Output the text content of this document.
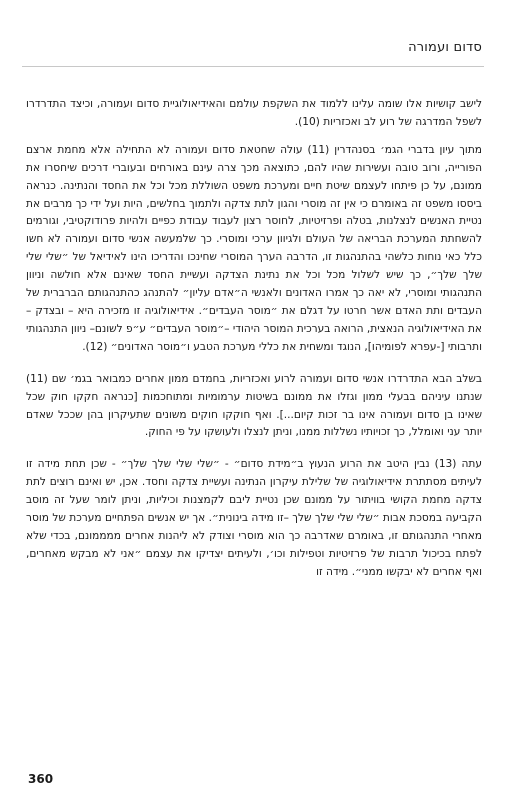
סדום ועמורה

לישב קושיות אלו שומה עלינו ללמוד את השקפת עולמם והאידיאולוגיית סדום ועמורה, וכיצד התדרדרו לשפל המדרגה של רוע לב ואכזריות (10).

מתוך עיון בדברי הגמ׳ בסנהדרין (11) עולה שחטאת סדום ועמורה לא התחילה אלא מחמת ארצם הפורייה, ורוב טובה ועשירות שהיו להם, כתוצאה מכך צרה עינם באורחים ובעוברי דרכים שיחסרו את ממונם, על כן פיתחו לעצמם שיטת חיים ומערכת משפט השוללת מכל וכל את החסד והנתינה. כנראה ביססו משפט זה באומרם כי אין זה מוסרי והגון לתת צדקה ולתמוך בחלשים, היות ועל ידי כך מרבים את נטיית האנשים לנצלנות, בטלה ופרזיטיות, לחוסר רצון לעבוד עבודת כפיים ולהיות פרודוקטיבי, וגורמים להשחתת המערכת הבריאה של העולם ולגיוון ערכי ומוסרי. כך שלמעשה אנשי סדום ועמורה לא חשו כלל כאי נוחות כלשהי בהתנהגות זו, הדרבה הערך המוסרי שחינכו והדריכו הינו לאידיאל של ״שלי שלי שלך שלך״, כך שיש לשלול מכל וכל את נתינת הצדקה ועשיית החסד שאינם אלא חולשה וניוון התנהגותי ומוסרי, לא יאה כך אמרו האדונים ולאנשי ה״אדם עליון״ להתנהג כהתנהגותם הברברית של העבדים ותת האדם אשר חרטו על דגלם את ״מוסר העבדים״. אידיאולוגיה זו מזכירה היא – ובצדק – את האידיאולוגיה הנאצית, הרואה בערכית המוסר היהודי –״מוסר העבדים״ ע״פ לשונם– ניוון התנהגותי ותרבותי [-עפרא לפומיהו], הנוגד ומשחית את כללי מערכת הטבע ו״מוסר האדונים״ (12).

בשלב הבא התדרדרו אנשי סדום ועמורה לרוע ואכזריות, בחמדם ממון אחרים כמבואר בגמ׳ שם (11) שנתנו עיניהם בבעלי ממון וגזלו את ממונם בשיטות ערמומיות ומתוחכמות [כנראה חקקו חוק שכל שאינו בן סדום ועמורה אינו בר זכות קיום...]. ואף חוקקו חוקים משונים שתעיקרון בהן שככל שאדם יותר עני ואומלל, כך זכויותיו נשללות ממנו, וניתן לנצלו ולעושקו על פי החוק.

עתה (13) נבין היטב את הרוע הנעוץ ב״מידת סדום״ - ״שלי שלי שלך שלך״ - שכן תחת מידה זו לעיתים מסתתרת אידיאולוגיה של שלילת עיקרון הנתינה ועשיית צדקה וחסד. אכן, יש ואינם רוצים לתת צדקה מחמת הקושי בוויתור על ממונם שכן נטיית ליבם לקמצנות וכיליות, וניתן לומר שעל זה מוסב הקביעה במסכת אבות ״שלי שלי שלך שלך –זו מידה בינונית״. אך יש אנשים הפתחיים מערכת של מוסר מאחרי התנהגותם זו, באומרם שאדרבה כך הוא מוסרי וצודק לא ליהנות אחרים ממממונם, בכדי שלא לפתח בכיכול תרבות של פרזיטיות וטפילות וכו׳, ולעיתים יצדיקו את עצמם ״אני לא מבקש מאחרים, ואף אחרים לא יבקשו ממני״. מידה זו

360
